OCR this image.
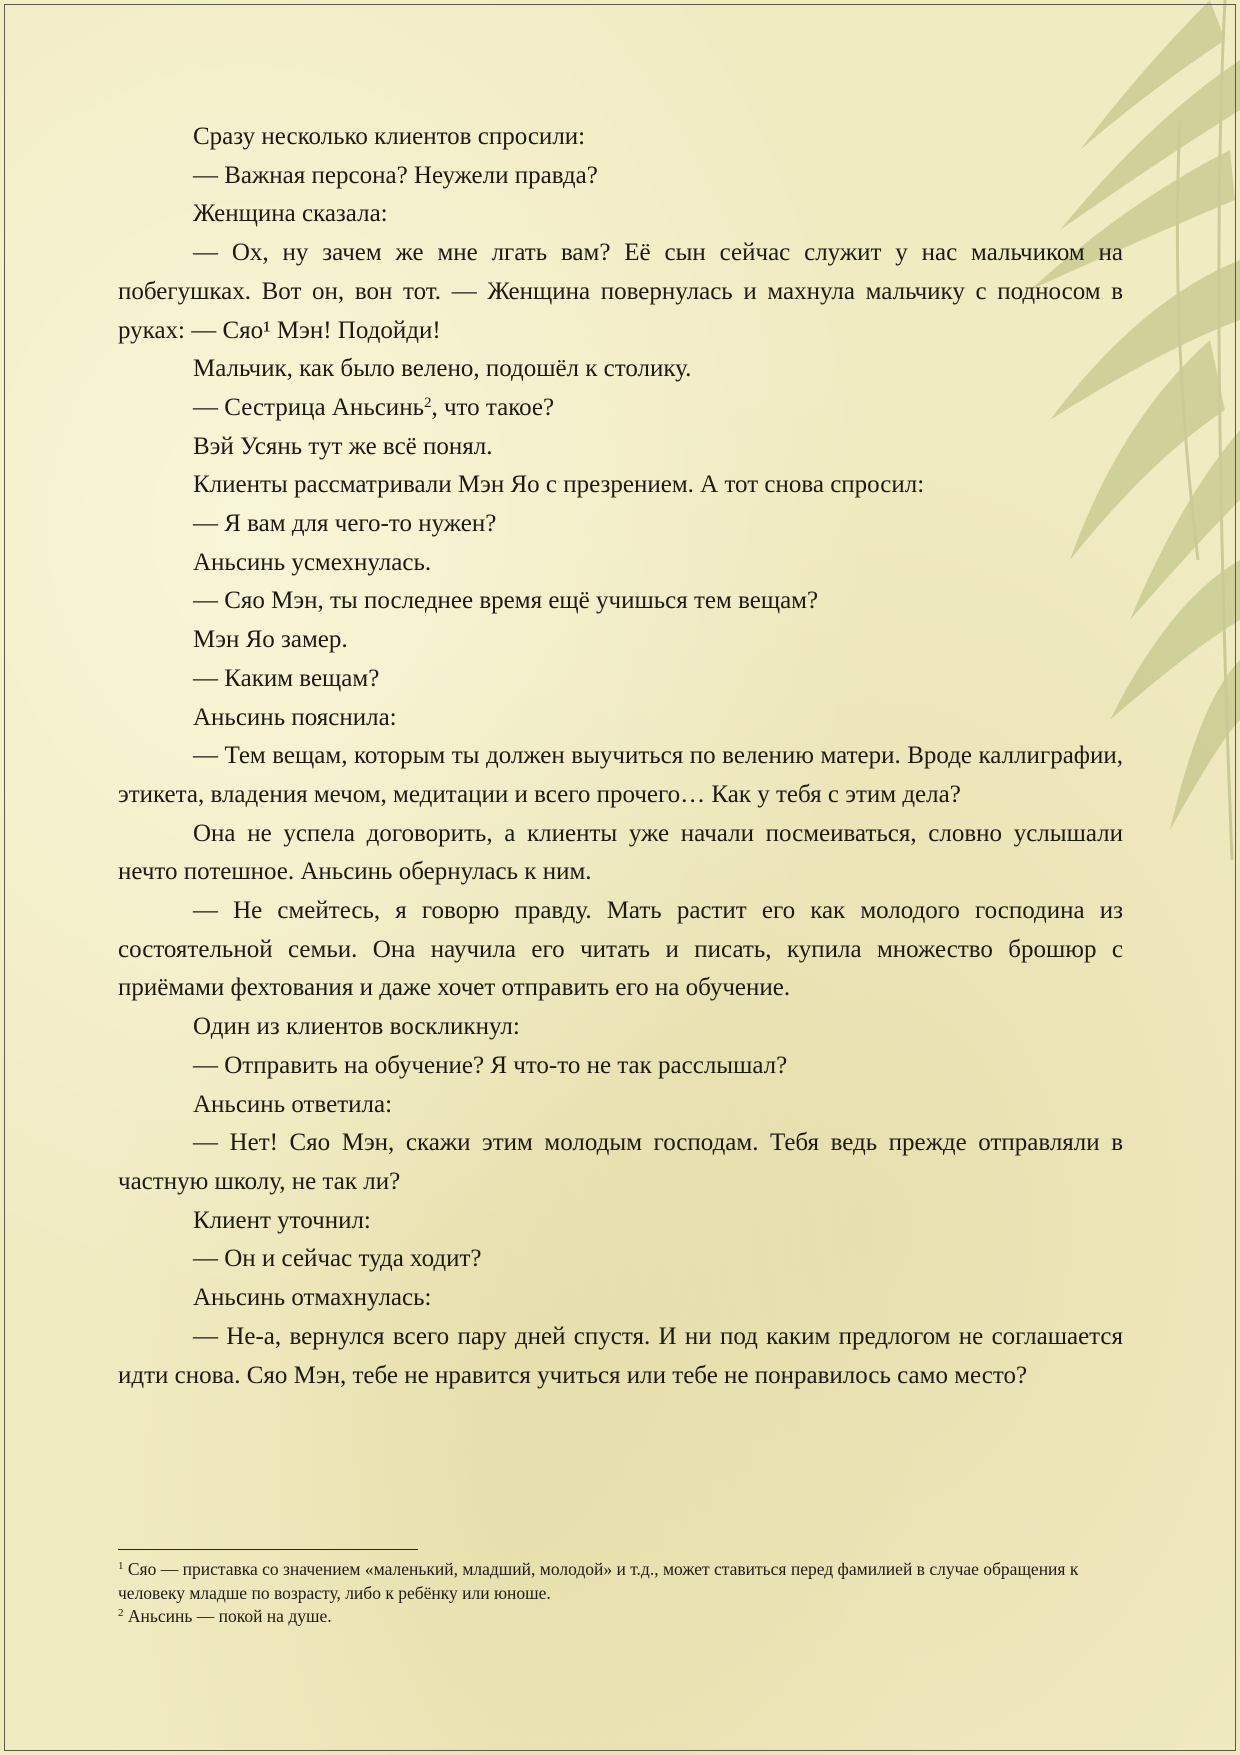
Сразу несколько клиентов спросили:

— Важная персона? Неужели правда?

Женщина сказала:

— Ох, ну зачем же мне лгать вам? Её сын сейчас служит у нас мальчиком на побегушках. Вот он, вон тот. — Женщина повернулась и махнула мальчику с подносом в руках: — Сяо¹ Мэн! Подойди!

Мальчик, как было велено, подошёл к столику.

— Сестрица Аньсинь$^2$, что такое?

Вэй Усянь тут же всё понял.

Клиенты рассматривали Мэн Яо с презрением. А тот снова спросил:

— Я вам для чего-то нужен?

Аньсинь усмехнулась.

— Сяо Мэн, ты последнее время ещё учишься тем вещам?

Мэн Яо замер.

— Каким вещам?

Аньсинь пояснила:

— Тем вещам, которым ты должен выучиться по велению матери. Вроде каллиграфии, этикета, владения мечом, медитации и всего прочего… Как у тебя с этим дела?

Она не успела договорить, а клиенты уже начали посмеиваться, словно услышали нечто потешное. Аньсинь обернулась к ним.

— Не смейтесь, я говорю правду. Мать растит его как молодого господина из состоятельной семьи. Она научила его читать и писать, купила множество брошюр с приёмами фехтования и даже хочет отправить его на обучение.

Один из клиентов воскликнул:

— Отправить на обучение? Я что-то не так расслышал?

Аньсинь ответила:

— Нет! Сяо Мэн, скажи этим молодым господам. Тебя ведь прежде отправляли в частную школу, не так ли?

Клиент уточнил:

— Он и сейчас туда ходит?

Аньсинь отмахнулась:

— Не-а, вернулся всего пару дней спустя. И ни под каким предлогом не соглашается идти снова. Сяо Мэн, тебе не нравится учиться или тебе не понравилось само место?

$^1$ Сяо — приставка со значением «маленький, младший, молодой» и т.д., может ставиться перед фамилией в случае обращения к человеку младше по возрасту, либо к ребёнку или юноше.

$^2$ Аньсинь — покой на душе.
